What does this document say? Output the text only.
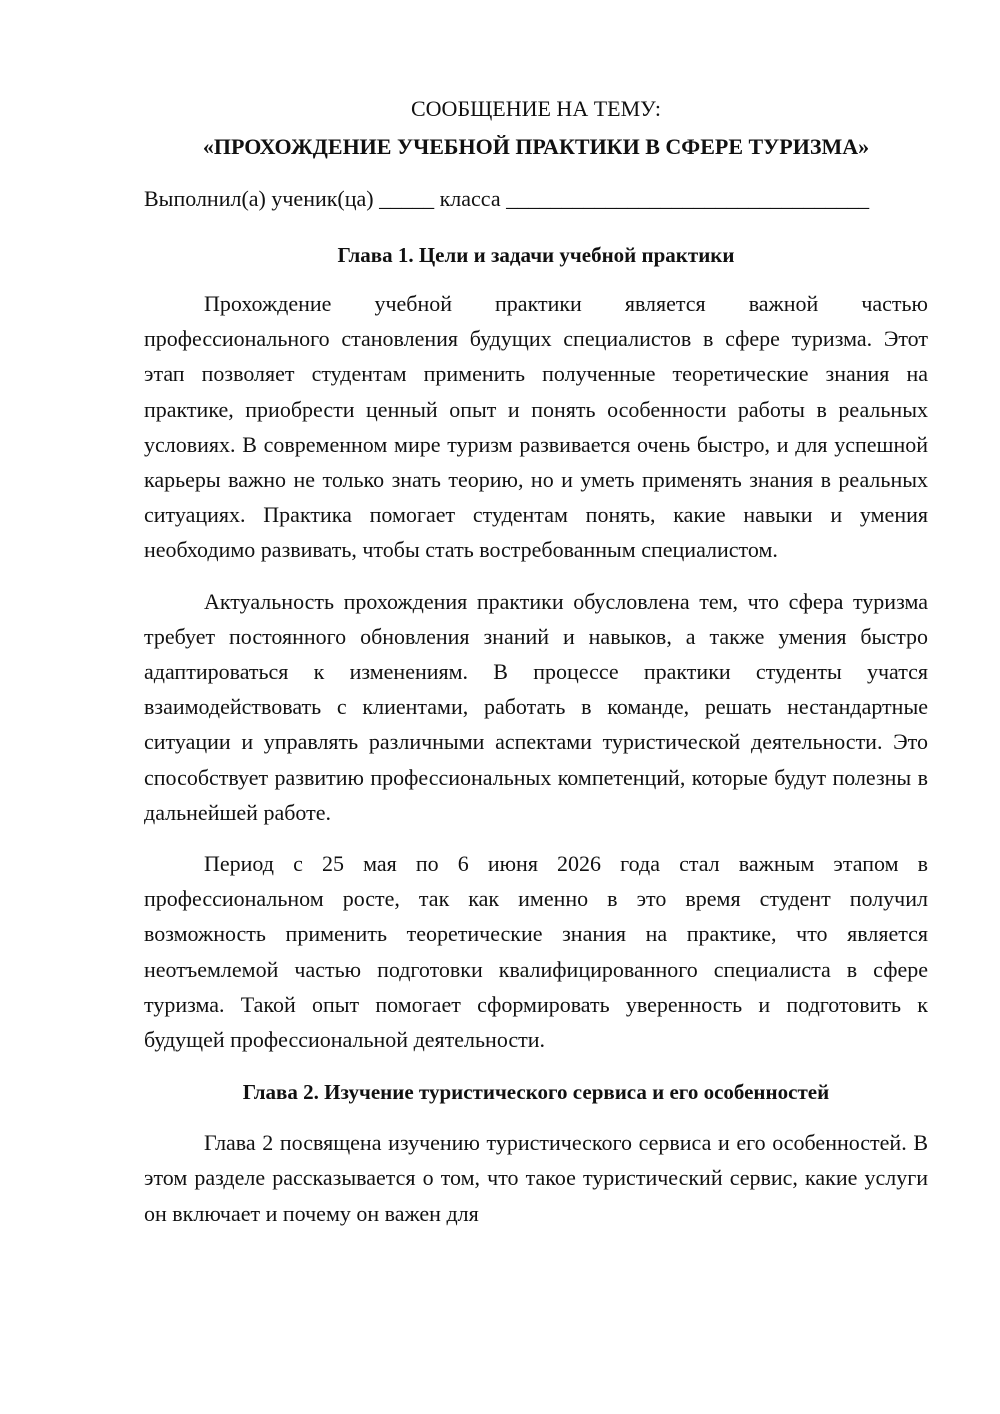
СООБЩЕНИЕ НА ТЕМУ:

«ПРОХОЖДЕНИЕ УЧЕБНОЙ ПРАКТИКИ В СФЕРЕ ТУРИЗМА»

Выполнил(а) ученик(ца) _____ класса _________________________________

Глава 1. Цели и задачи учебной практики

Прохождение учебной практики является важной частью профессионального становления будущих специалистов в сфере туризма. Этот этап позволяет студентам применить полученные теоретические знания на практике, приобрести ценный опыт и понять особенности работы в реальных условиях. В современном мире туризм развивается очень быстро, и для успешной карьеры важно не только знать теорию, но и уметь применять знания в реальных ситуациях. Практика помогает студентам понять, какие навыки и умения необходимо развивать, чтобы стать востребованным специалистом.

Актуальность прохождения практики обусловлена тем, что сфера туризма требует постоянного обновления знаний и навыков, а также умения быстро адаптироваться к изменениям. В процессе практики студенты учатся взаимодействовать с клиентами, работать в команде, решать нестандартные ситуации и управлять различными аспектами туристической деятельности. Это способствует развитию профессиональных компетенций, которые будут полезны в дальнейшей работе.

Период с 25 мая по 6 июня 2026 года стал важным этапом в профессиональном росте, так как именно в это время студент получил возможность применить теоретические знания на практике, что является неотъемлемой частью подготовки квалифицированного специалиста в сфере туризма. Такой опыт помогает сформировать уверенность и подготовить к будущей профессиональной деятельности.

Глава 2. Изучение туристического сервиса и его особенностей

Глава 2 посвящена изучению туристического сервиса и его особенностей. В этом разделе рассказывается о том, что такое туристический сервис, какие услуги он включает и почему он важен для
